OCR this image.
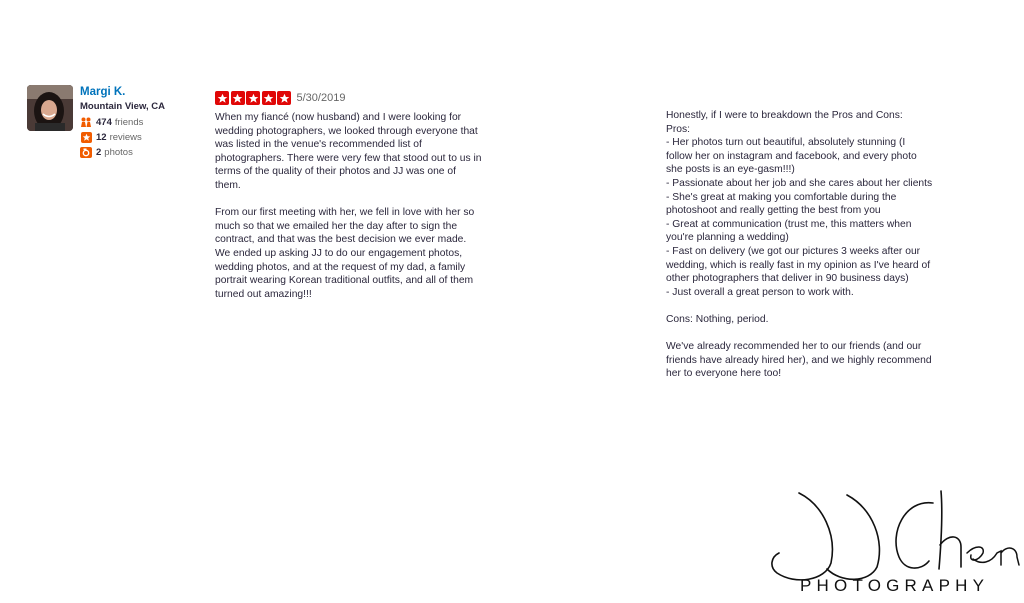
Margi K.
Mountain View, CA
474 friends
12 reviews
2 photos
5/30/2019
When my fiancé (now husband) and I were looking for
wedding photographers, we looked through everyone that
was listed in the venue's recommended list of
photographers. There were very few that stood out to us in
terms of the quality of their photos and JJ was one of
them.

From our first meeting with her, we fell in love with her so
much so that we emailed her the day after to sign the
contract, and that was the best decision we ever made.
We ended up asking JJ to do our engagement photos,
wedding photos, and at the request of my dad, a family
portrait wearing Korean traditional outfits, and all of them
turned out amazing!!!
Honestly, if I were to breakdown the Pros and Cons:
Pros:
- Her photos turn out beautiful, absolutely stunning (I
follow her on instagram and facebook, and every photo
she posts is an eye-gasm!!!)
- Passionate about her job and she cares about her clients
- She's great at making you comfortable during the
photoshoot and really getting the best from you
- Great at communication (trust me, this matters when
you're planning a wedding)
- Fast on delivery (we got our pictures 3 weeks after our
wedding, which is really fast in my opinion as I've heard of
other photographers that deliver in 90 business days)
- Just overall a great person to work with.

Cons: Nothing, period.

We've already recommended her to our friends (and our
friends have already hired her), and we highly recommend
her to everyone here too!
PHOTOGRAPHY
